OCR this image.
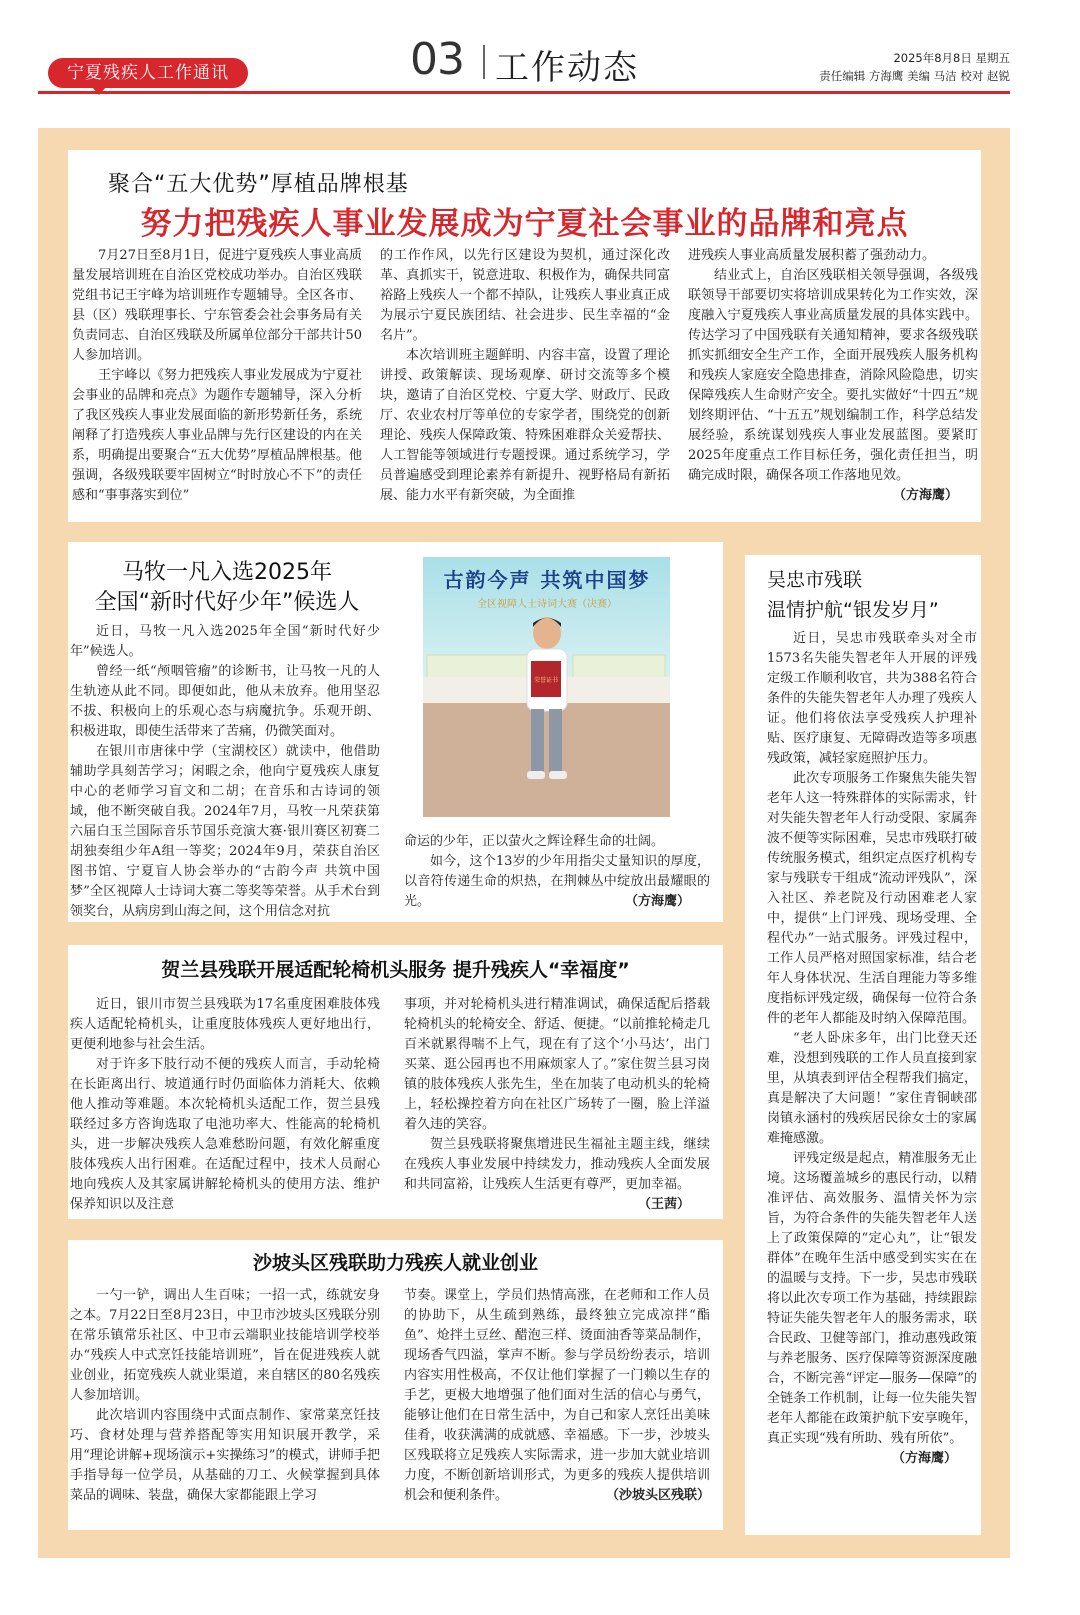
宁夏残疾人工作通讯	03 工作动态	2025年8月8日 星期五
责任编辑 方海鹰 美编 马洁 校对 赵锐
聚合“五大优势”厚植品牌根基
努力把残疾人事业发展成为宁夏社会事业的品牌和亮点

7月27日至8月1日，促进宁夏残疾人事业高质量发展培训班在自治区党校成功举办。自治区残联党组书记王宇峰为培训班作专题辅导。全区各市、县（区）残联理事长、宁东管委会社会事务局有关负责同志、自治区残联及所属单位部分干部共计50人参加培训。

王宇峰以《努力把残疾人事业发展成为宁夏社会事业的品牌和亮点》为题作专题辅导，深入分析了我区残疾人事业发展面临的新形势新任务，系统阐释了打造残疾人事业品牌与先行区建设的内在关系，明确提出要聚合“五大优势”厚植品牌根基。他强调，各级残联要牢固树立“时时放心不下”的责任感和“事事落实到位”

的工作作风，以先行区建设为契机，通过深化改革、真抓实干，锐意进取、积极作为，确保共同富裕路上残疾人一个都不掉队，让残疾人事业真正成为展示宁夏民族团结、社会进步、民生幸福的“金名片”。

本次培训班主题鲜明、内容丰富，设置了理论讲授、政策解读、现场观摩、研讨交流等多个模块，邀请了自治区党校、宁夏大学、财政厅、民政厅、农业农村厅等单位的专家学者，围绕党的创新理论、残疾人保障政策、特殊困难群众关爱帮扶、人工智能等领域进行专题授课。通过系统学习，学员普遍感受到理论素养有新提升、视野格局有新拓展、能力水平有新突破，为全面推

进残疾人事业高质量发展积蓄了强劲动力。

结业式上，自治区残联相关领导强调，各级残联领导干部要切实将培训成果转化为工作实效，深度融入宁夏残疾人事业高质量发展的具体实践中。传达学习了中国残联有关通知精神，要求各级残联抓实抓细安全生产工作，全面开展残疾人服务机构和残疾人家庭安全隐患排查，消除风险隐患，切实保障残疾人生命财产安全。要扎实做好“十四五”规划终期评估、“十五五”规划编制工作，科学总结发展经验，系统谋划残疾人事业发展蓝图。要紧盯2025年度重点工作目标任务，强化责任担当，明确完成时限，确保各项工作落地见效。
（方海鹰）

马牧一凡入选2025年
全国“新时代好少年”候选人

近日，马牧一凡入选2025年全国“新时代好少年”候选人。

曾经一纸“颅咽管瘤”的诊断书，让马牧一凡的人生轨迹从此不同。即便如此，他从未放弃。他用坚忍不拔、积极向上的乐观心态与病魔抗争。乐观开朗、积极进取，即使生活带来了苦痛，仍微笑面对。

在银川市唐徕中学（宝湖校区）就读中，他借助辅助学具刻苦学习；闲暇之余，他向宁夏残疾人康复中心的老师学习盲文和二胡；在音乐和古诗词的领域，他不断突破自我。2024年7月，马牧一凡荣获第六届白玉兰国际音乐节国乐竞演大赛·银川赛区初赛二胡独奏组少年A组一等奖；2024年9月，荣获自治区图书馆、宁夏盲人协会举办的“古韵今声 共筑中国梦”全区视障人士诗词大赛二等奖等荣誉。从手术台到领奖台，从病房到山海之间，这个用信念对抗

命运的少年，正以萤火之辉诠释生命的壮阔。

如今，这个13岁的少年用指尖丈量知识的厚度，以音符传递生命的炽热，在荆棘丛中绽放出最耀眼的光。	（方海鹰）

古韵今声 共筑中国梦
全区视障人士诗词大赛（决赛）
荣誉证书
吴忠市残联
温情护航“银发岁月”

近日，吴忠市残联牵头对全市1573名失能失智老年人开展的评残定级工作顺利收官，共为388名符合条件的失能失智老年人办理了残疾人证。他们将依法享受残疾人护理补贴、医疗康复、无障碍改造等多项惠残政策，减轻家庭照护压力。

此次专项服务工作聚焦失能失智老年人这一特殊群体的实际需求，针对失能失智老年人行动受限、家属奔波不便等实际困难，吴忠市残联打破传统服务模式，组织定点医疗机构专家与残联专干组成“流动评残队”，深入社区、养老院及行动困难老人家中，提供“上门评残、现场受理、全程代办”一站式服务。评残过程中，工作人员严格对照国家标准，结合老年人身体状况、生活自理能力等多维度指标评残定级，确保每一位符合条件的老年人都能及时纳入保障范围。

“老人卧床多年，出门比登天还难，没想到残联的工作人员直接到家里，从填表到评估全程帮我们搞定，真是解决了大问题！”家住青铜峡邵岗镇永涵村的残疾居民徐女士的家属难掩感激。

评残定级是起点，精准服务无止境。这场覆盖城乡的惠民行动，以精准评估、高效服务、温情关怀为宗旨，为符合条件的失能失智老年人送上了政策保障的“定心丸”，让“银发群体”在晚年生活中感受到实实在在的温暖与支持。下一步，吴忠市残联将以此次专项工作为基础，持续跟踪特证失能失智老年人的服务需求，联合民政、卫健等部门，推动惠残政策与养老服务、医疗保障等资源深度融合，不断完善“评定—服务—保障”的全链条工作机制，让每一位失能失智老年人都能在政策护航下安享晚年，真正实现“残有所助、残有所依”。
（方海鹰）

贺兰县残联开展适配轮椅机头服务 提升残疾人“幸福度”

近日，银川市贺兰县残联为17名重度困难肢体残疾人适配轮椅机头，让重度肢体残疾人更好地出行，更便利地参与社会生活。

对于许多下肢行动不便的残疾人而言，手动轮椅在长距离出行、坡道通行时仍面临体力消耗大、依赖他人推动等难题。本次轮椅机头适配工作，贺兰县残联经过多方咨询选取了电池功率大、性能高的轮椅机头，进一步解决残疾人急难愁盼问题，有效化解重度肢体残疾人出行困难。在适配过程中，技术人员耐心地向残疾人及其家属讲解轮椅机头的使用方法、维护保养知识以及注意

事项，并对轮椅机头进行精准调试，确保适配后搭载轮椅机头的轮椅安全、舒适、便捷。“以前推轮椅走几百米就累得喘不上气，现在有了这个‘小马达’，出门买菜、逛公园再也不用麻烦家人了。”家住贺兰县习岗镇的肢体残疾人张先生，坐在加装了电动机头的轮椅上，轻松操控着方向在社区广场转了一圈，脸上洋溢着久违的笑容。

贺兰县残联将聚焦增进民生福祉主题主线，继续在残疾人事业发展中持续发力，推动残疾人全面发展和共同富裕，让残疾人生活更有尊严，更加幸福。
（王茜）

沙坡头区残联助力残疾人就业创业

一勺一铲，调出人生百味；一招一式，练就安身之本。7月22日至8月23日，中卫市沙坡头区残联分别在常乐镇常乐社区、中卫市云端职业技能培训学校举办“残疾人中式烹饪技能培训班”，旨在促进残疾人就业创业，拓宽残疾人就业渠道，来自辖区的80名残疾人参加培训。

此次培训内容围绕中式面点制作、家常菜烹饪技巧、食材处理与营养搭配等实用知识展开教学，采用“理论讲解+现场演示+实操练习”的模式，讲师手把手指导每一位学员，从基础的刀工、火候掌握到具体菜品的调味、装盘，确保大家都能跟上学习

节奏。课堂上，学员们热情高涨，在老师和工作人员的协助下，从生疏到熟练，最终独立完成凉拌“酯鱼”、炝拌土豆丝、醋泡三样、烫面油香等菜品制作，现场香气四溢，掌声不断。参与学员纷纷表示，培训内容实用性极高，不仅让他们掌握了一门赖以生存的手艺，更极大地增强了他们面对生活的信心与勇气，能够让他们在日常生活中，为自己和家人烹饪出美味佳肴，收获满满的成就感、幸福感。下一步，沙坡头区残联将立足残疾人实际需求，进一步加大就业培训力度，不断创新培训形式，为更多的残疾人提供培训机会和便利条件。	（沙坡头区残联）
